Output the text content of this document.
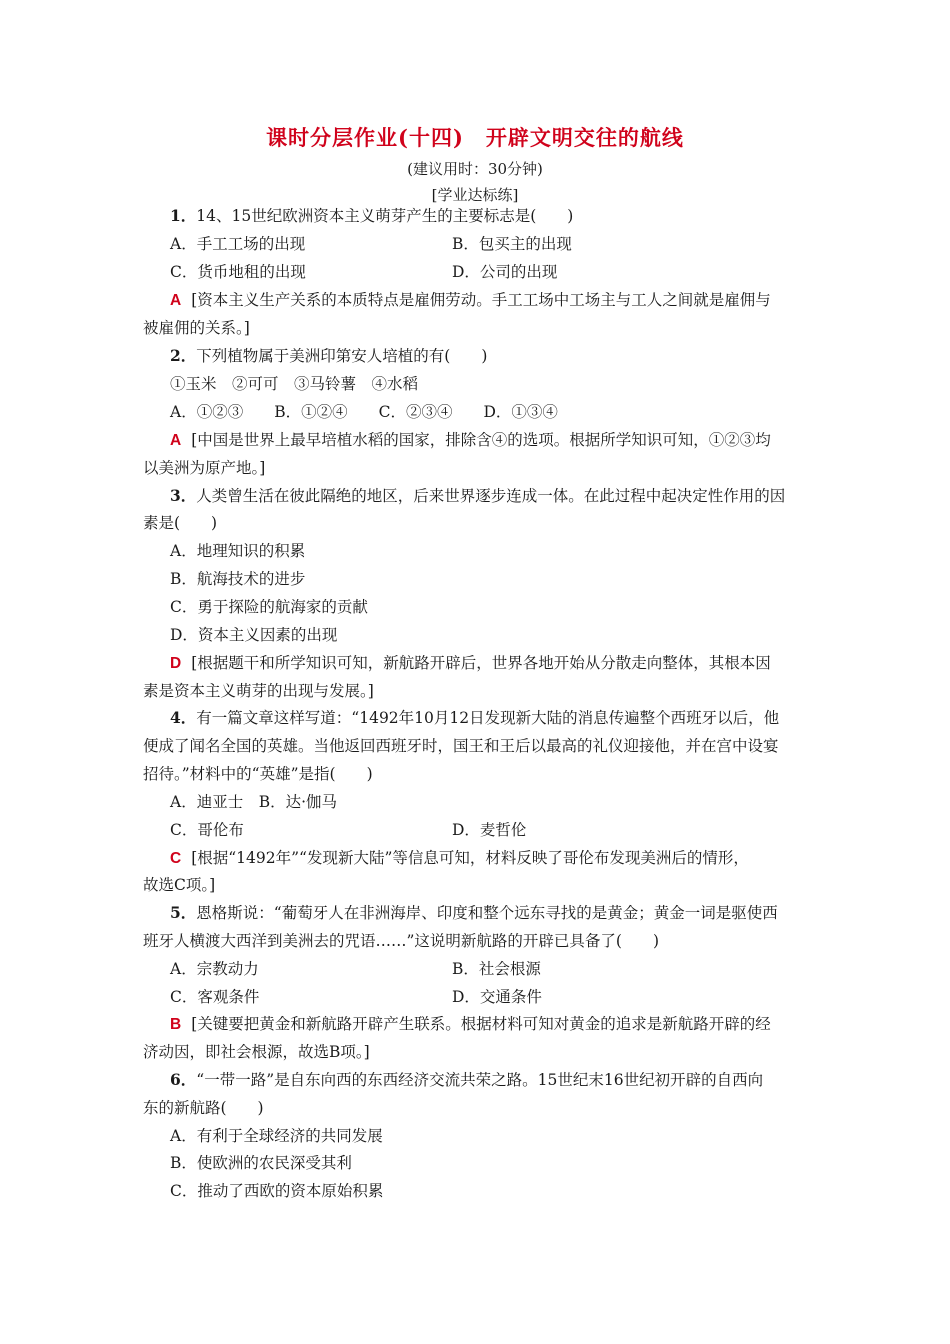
课时分层作业(十四)　开辟文明交往的航线
(建议用时：30分钟)
[学业达标练]
1．14、15世纪欧洲资本主义萌芽产生的主要标志是(　　)
A．手工工场的出现	B．包买主的出现
C．货币地租的出现	D．公司的出现
A [资本主义生产关系的本质特点是雇佣劳动。手工工场中工场主与工人之间就是雇佣与
被雇佣的关系。]
2．下列植物属于美洲印第安人培植的有(　　)
①玉米　②可可　③马铃薯　④水稻
A．①②③　　B．①②④　　C．②③④　　D．①③④
A [中国是世界上最早培植水稻的国家，排除含④的选项。根据所学知识可知，①②③均
以美洲为原产地。]
3．人类曾生活在彼此隔绝的地区，后来世界逐步连成一体。在此过程中起决定性作用的因
素是(　　)
A．地理知识的积累
B．航海技术的进步
C．勇于探险的航海家的贡献
D．资本主义因素的出现
D [根据题干和所学知识可知，新航路开辟后，世界各地开始从分散走向整体，其根本因
素是资本主义萌芽的出现与发展。]
4．有一篇文章这样写道：“1492年10月12日发现新大陆的消息传遍整个西班牙以后，他
便成了闻名全国的英雄。当他返回西班牙时，国王和王后以最高的礼仪迎接他，并在宫中设宴
招待。”材料中的“英雄”是指(　　)
A．迪亚士　B．达·伽马
C．哥伦布	D．麦哲伦
C [根据“1492年”“发现新大陆”等信息可知，材料反映了哥伦布发现美洲后的情形，
故选C项。]
5．恩格斯说：“葡萄牙人在非洲海岸、印度和整个远东寻找的是黄金；黄金一词是驱使西
班牙人横渡大西洋到美洲去的咒语……”这说明新航路的开辟已具备了(　　)
A．宗教动力	B．社会根源
C．客观条件	D．交通条件
B [关键要把黄金和新航路开辟产生联系。根据材料可知对黄金的追求是新航路开辟的经
济动因，即社会根源，故选B项。]
6．“一带一路”是自东向西的东西经济交流共荣之路。15世纪末16世纪初开辟的自西向
东的新航路(　　)
A．有利于全球经济的共同发展
B．使欧洲的农民深受其利
C．推动了西欧的资本原始积累
